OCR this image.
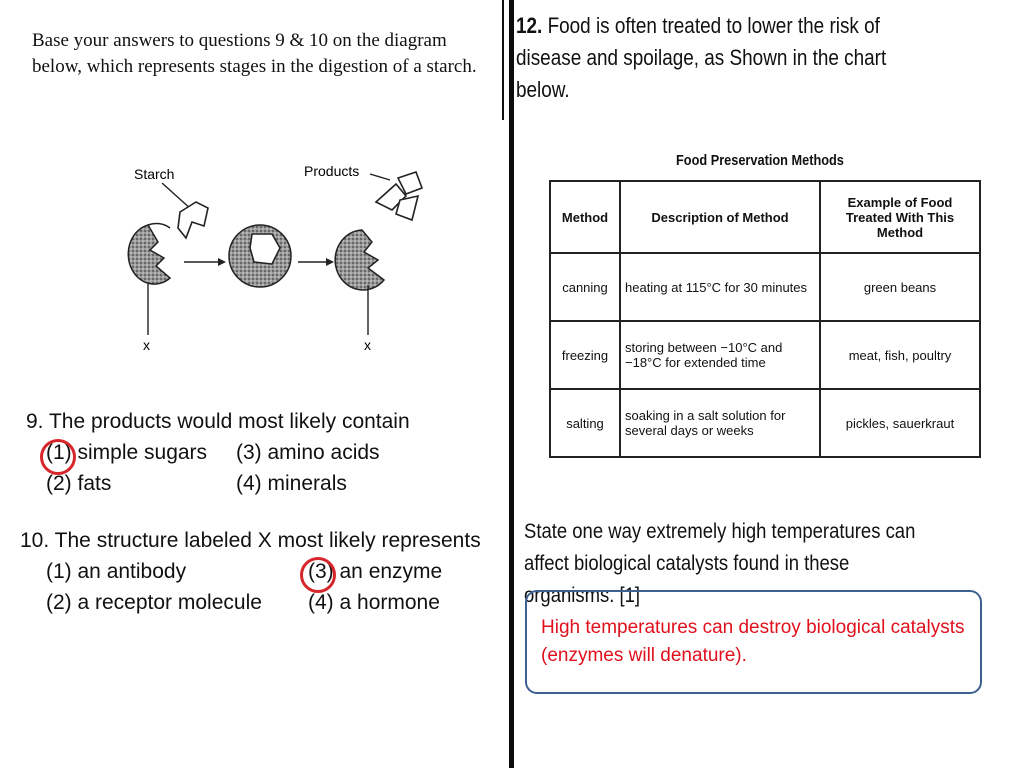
Base your answers to questions 9 & 10 on the diagram below, which represents stages in the digestion of a starch.
Starch	Products
x	x
9. The products would most likely contain
(1) simple sugars	(3) amino acids
(2) fats	(4) minerals
10. The structure labeled X most likely represents
(1) an antibody	(3) an enzyme
(2) a receptor molecule	(4) a hormone
12. Food is often treated to lower the risk of disease and spoilage, as Shown in the chart below.
Food Preservation Methods
Method	Description of Method	Example of Food Treated With This Method
canning	heating at 115°C for 30 minutes	green beans
freezing	storing between −10°C and −18°C for extended time	meat, fish, poultry
salting	soaking in a salt solution for several days or weeks	pickles, sauerkraut
State one way extremely high temperatures can affect biological catalysts found in these organisms. [1]
High temperatures can destroy biological catalysts (enzymes will denature).
